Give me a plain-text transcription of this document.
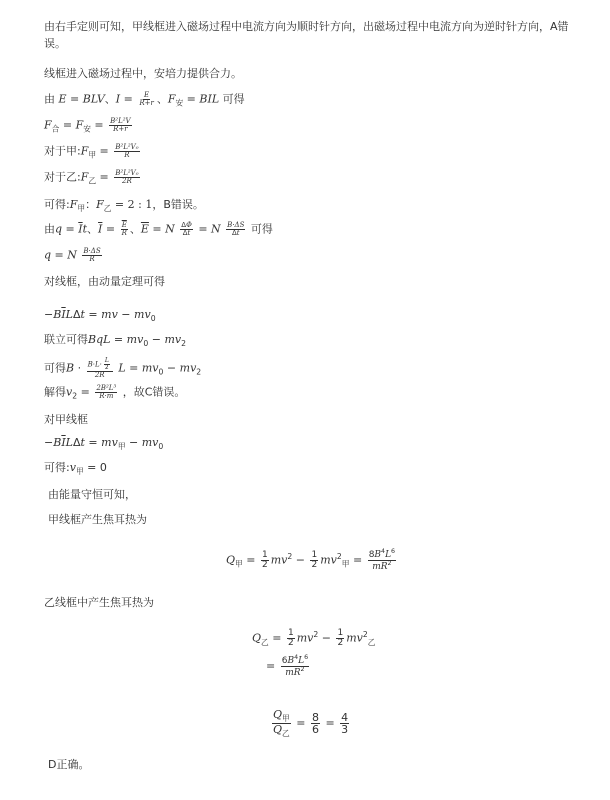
由右手定则可知，甲线框进入磁场过程中电流方向为顺时针方向，出磁场过程中电流方向为逆时针方向，A错
误。
线框进入磁场过程中，安培力提供合力。
由 E = BLV、$I = \frac{E}{R+r}$ 、$F_安$ = BIL 可得
$F_合 = F_安 = \frac{\text{B²L²V}}{R+r}$
对于甲$:F_甲 = \frac{\text{B²L²V₀}}{R}$
对于乙$:F_乙 = \frac{\text{B²L²V₀}}{2R}$
可得$:F_甲$：$F_乙 = 2$ : 1，B错误。
由$q = \overline{I}t$、$\overline{I} = \frac{\overline{E}}{R}$ 、$\overline{E} = N \frac{\Delta\Phi}{\Delta t} = N \frac{B\cdot\Delta S}{\Delta t}$ 可得
q = N $\frac{B\cdot\Delta S}{R}$
对线框，由动量定理可得
$-B\overline{I}L\Delta t$ = mv − $mv_0$
联立可得BqL = $mv_0 - mv_2$
可得$B \cdot \frac{B\cdot L\cdot \frac{L}{2}}{2R}$ $L = mv_0 - mv_2$
解得$v_2 = \frac{\text{2B²L³}}{R\cdot m}$ ，故C错误。
对甲线框
$-B\overline{I}L\Delta t = mv_甲 - mv_0$
可得$:v_甲 = 0$
由能量守恒可知，
甲线框产生焦耳热为
$Q_甲 = \frac{1}{2} mv^2 - \frac{1}{2} mv^2_甲 = \frac{8B^4L^6}{mR^2}$
乙线框中产生焦耳热为
$Q_乙 = \frac{1}{2} mv^2 - \frac{1}{2} mv^2_乙$
= $\frac{6B^4L^6}{mR^2}$
$\frac{Q_甲}{Q_乙} = \frac{8}{6} = \frac{4}{3}$
D正确。
